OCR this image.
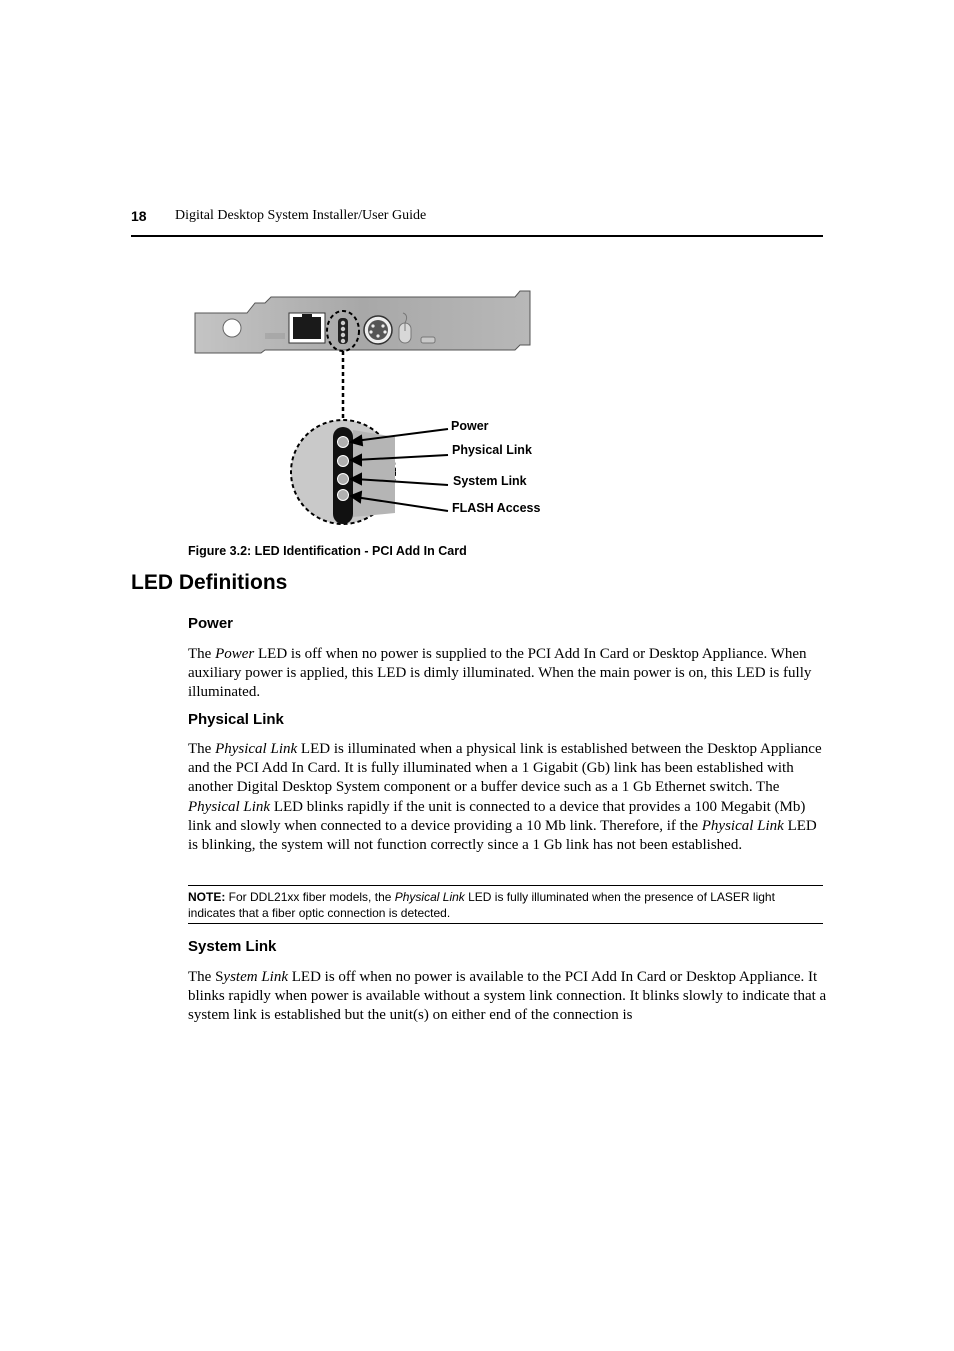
18 Digital Desktop System Installer/User Guide
Power
Physical Link
System Link
FLASH Access
Figure 3.2: LED Identification - PCI Add In Card
LED Definitions
Power

The Power LED is off when no power is supplied to the PCI Add In Card or Desktop Appliance. When auxiliary power is applied, this LED is dimly illuminated. When the main power is on, this LED is fully illuminated.

Physical Link

The Physical Link LED is illuminated when a physical link is established between the Desktop Appliance and the PCI Add In Card. It is fully illuminated when a 1 Gigabit (Gb) link has been established with another Digital Desktop System component or a buffer device such as a 1 Gb Ethernet switch. The Physical Link LED blinks rapidly if the unit is connected to a device that provides a 100 Megabit (Mb) link and slowly when connected to a device providing a 10 Mb link. Therefore, if the Physical Link LED is blinking, the system will not function correctly since a 1 Gb link has not been established.

NOTE: For DDL21xx fiber models, the Physical Link LED is fully illuminated when the presence of LASER light indicates that a fiber optic connection is detected.
System Link

The System Link LED is off when no power is available to the PCI Add In Card or Desktop Appliance. It blinks rapidly when power is available without a system link connection. It blinks slowly to indicate that a system link is established but the unit(s) on either end of the connection is
